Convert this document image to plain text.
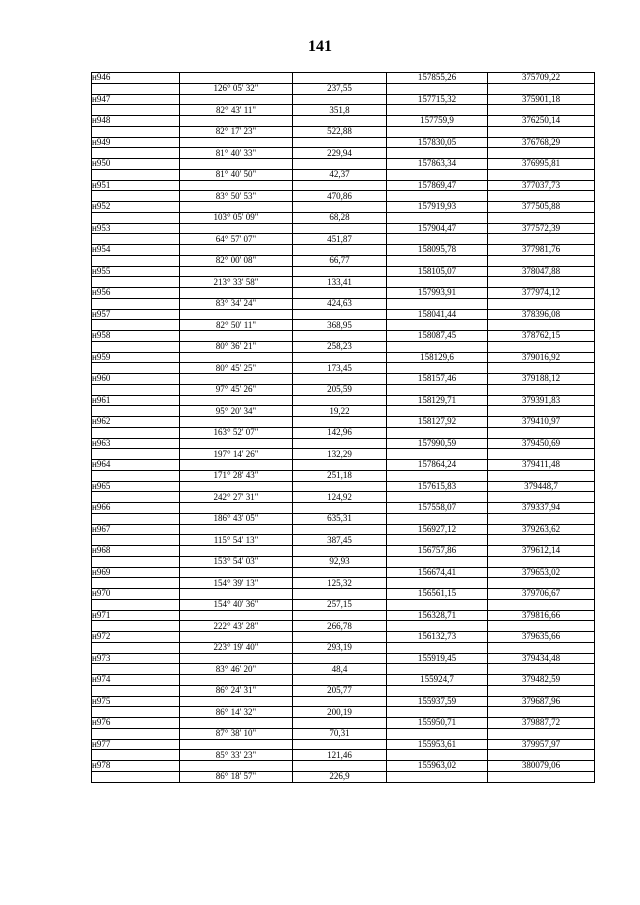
141
н946			157855,26	375709,22
	126° 05' 32"	237,55		
н947			157715,32	375901,18
	82° 43' 11"	351,8		
н948			157759,9	376250,14
	82° 17' 23"	522,88		
н949			157830,05	376768,29
	81° 40' 33"	229,94		
н950			157863,34	376995,81
	81° 40' 50"	42,37		
н951			157869,47	377037,73
	83° 50' 53"	470,86		
н952			157919,93	377505,88
	103° 05' 09"	68,28		
н953			157904,47	377572,39
	64° 57' 07"	451,87		
н954			158095,78	377981,76
	82° 00' 08"	66,77		
н955			158105,07	378047,88
	213° 33' 58"	133,41		
н956			157993,91	377974,12
	83° 34' 24"	424,63		
н957			158041,44	378396,08
	82° 50' 11"	368,95		
н958			158087,45	378762,15
	80° 36' 21"	258,23		
н959			158129,6	379016,92
	80° 45' 25"	173,45		
н960			158157,46	379188,12
	97° 45' 26"	205,59		
н961			158129,71	379391,83
	95° 20' 34"	19,22		
н962			158127,92	379410,97
	163° 52' 07"	142,96		
н963			157990,59	379450,69
	197° 14' 26"	132,29		
н964			157864,24	379411,48
	171° 28' 43"	251,18		
н965			157615,83	379448,7
	242° 27' 31"	124,92		
н966			157558,07	379337,94
	186° 43' 05"	635,31		
н967			156927,12	379263,62
	115° 54' 13"	387,45		
н968			156757,86	379612,14
	153° 54' 03"	92,93		
н969			156674,41	379653,02
	154° 39' 13"	125,32		
н970			156561,15	379706,67
	154° 40' 36"	257,15		
н971			156328,71	379816,66
	222° 43' 28"	266,78		
н972			156132,73	379635,66
	223° 19' 40"	293,19		
н973			155919,45	379434,48
	83° 46' 20"	48,4		
н974			155924,7	379482,59
	86° 24' 31"	205,77		
н975			155937,59	379687,96
	86° 14' 32"	200,19		
н976			155950,71	379887,72
	87° 38' 10"	70,31		
н977			155953,61	379957,97
	85° 33' 23"	121,46		
н978			155963,02	380079,06
	86° 18' 57"	226,9		
